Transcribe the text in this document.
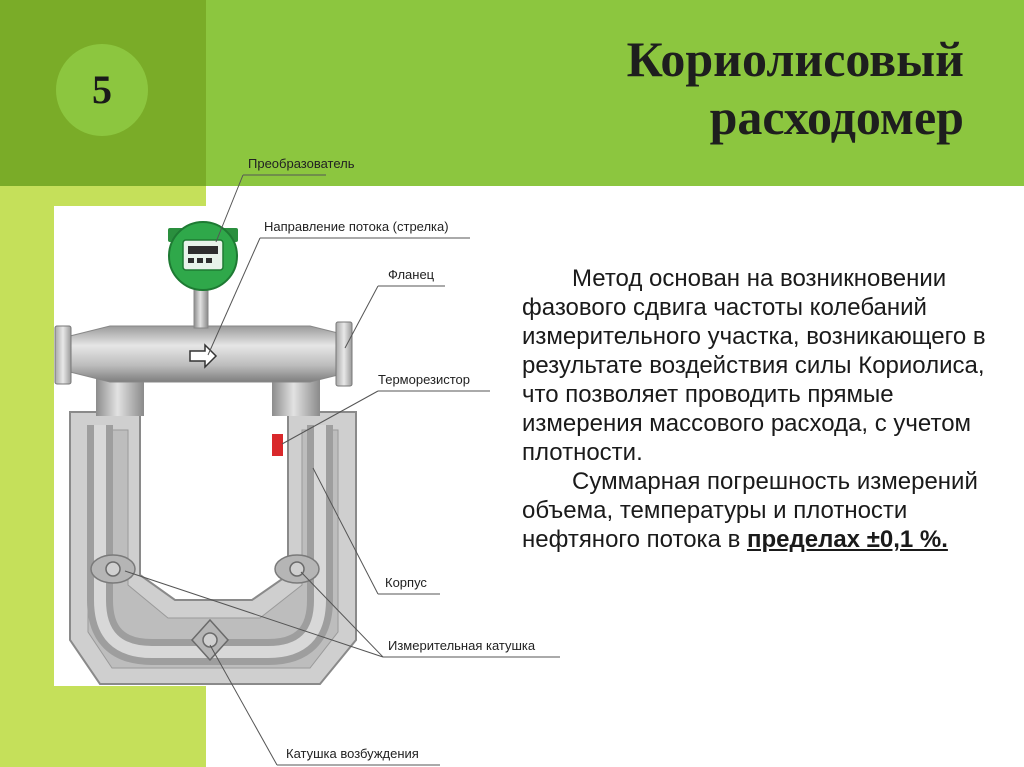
5
Кориолисовый
расходомер
Преобразователь
Направление потока (стрелка)
Фланец
Терморезистор
Корпус
Измерительная катушка
Катушка возбуждения

Метод основан на возникновении фазового сдвига частоты колебаний измерительного участка, возникающего в результате воздействия силы Кориолиса, что позволяет проводить прямые измерения массового расхода, с учетом плотности.

Суммарная погрешность измерений объема, температуры и плотности нефтяного потока в пределах ±0,1 %.
